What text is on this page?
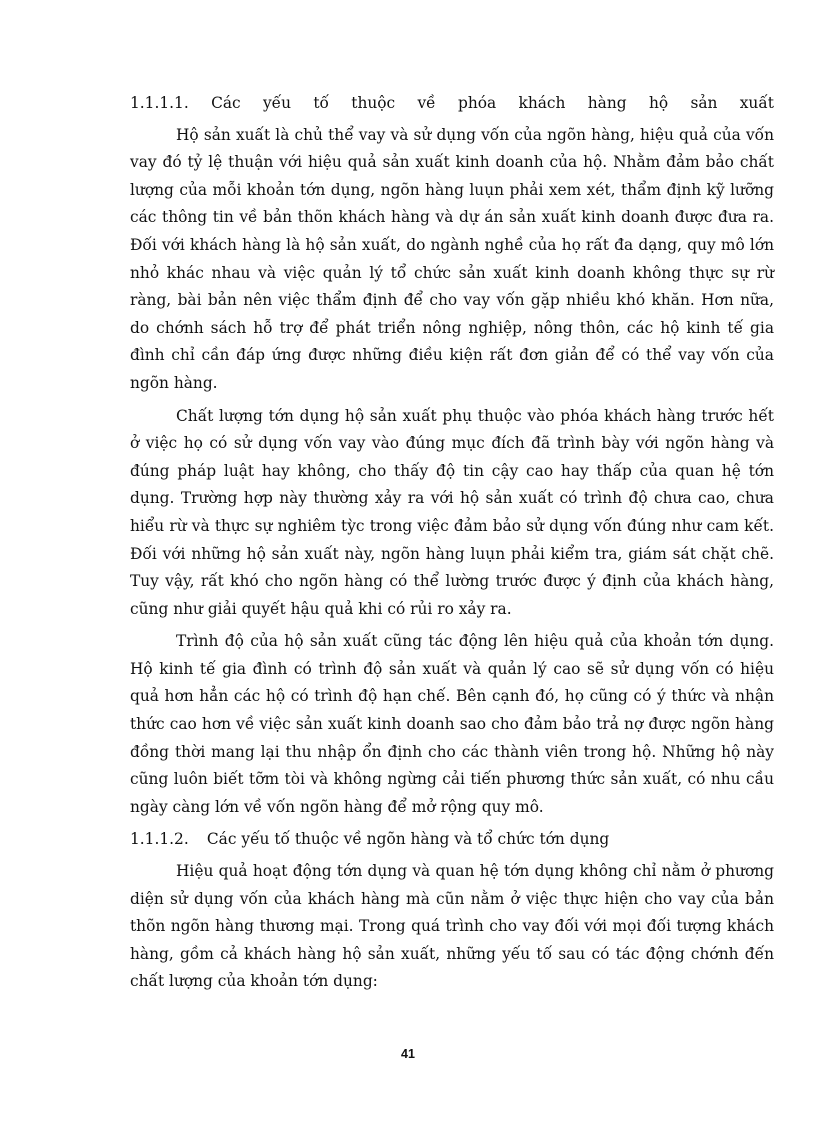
1.1.1.1. Các yếu tố thuộc về phóa khách hàng hộ sản xuất

Hộ sản xuất là chủ thể vay và sử dụng vốn của ngõn hàng, hiệu quả của vốn vay đó tỷ lệ thuận với hiệu quả sản xuất kinh doanh của hộ. Nhằm đảm bảo chất lượng của mỗi khoản tớn dụng, ngõn hàng luụn phải xem xét, thẩm định kỹ lưỡng các thông tin về bản thõn khách hàng và dự án sản xuất kinh doanh được đưa ra. Đối với khách hàng là hộ sản xuất, do ngành nghề của họ rất đa dạng, quy mô lớn nhỏ khác nhau và việc quản lý tổ chức sản xuất kinh doanh không thực sự rừ ràng, bài bản nên việc thẩm định để cho vay vốn gặp nhiều khó khăn. Hơn nữa, do chớnh sách hỗ trợ để phát triển nông nghiệp, nông thôn, các hộ kinh tế gia đình chỉ cần đáp ứng được những điều kiện rất đơn giản để có thể vay vốn của ngõn hàng.

Chất lượng tớn dụng hộ sản xuất phụ thuộc vào phóa khách hàng trước hết ở việc họ có sử dụng vốn vay vào đúng mục đích đã trình bày với ngõn hàng và đúng pháp luật hay không, cho thấy độ tin cậy cao hay thấp của quan hệ tớn dụng. Trường hợp này thường xảy ra với hộ sản xuất có trình độ chưa cao, chưa hiểu rừ và thực sự nghiêm tỳc trong việc đảm bảo sử dụng vốn đúng như cam kết. Đối với những hộ sản xuất này, ngõn hàng luụn phải kiểm tra, giám sát chặt chẽ. Tuy vậy, rất khó cho ngõn hàng có thể lường trước được ý định của khách hàng, cũng như giải quyết hậu quả khi có rủi ro xảy ra.

Trình độ của hộ sản xuất cũng tác động lên hiệu quả của khoản tớn dụng. Hộ kinh tế gia đình có trình độ sản xuất và quản lý cao sẽ sử dụng vốn có hiệu quả hơn hẳn các hộ có trình độ hạn chế. Bên cạnh đó, họ cũng có ý thức và nhận thức cao hơn về việc sản xuất kinh doanh sao cho đảm bảo trả nợ được ngõn hàng đồng thời mang lại thu nhập ổn định cho các thành viên trong hộ. Những hộ này cũng luôn biết tỡm tòi và không ngừng cải tiến phương thức sản xuất, có nhu cầu ngày càng lớn về vốn ngõn hàng để mở rộng quy mô.

1.1.1.2. Các yếu tố thuộc về ngõn hàng và tổ chức tớn dụng

Hiệu quả hoạt động tớn dụng và quan hệ tớn dụng không chỉ nằm ở phương diện sử dụng vốn của khách hàng mà cũn nằm ở việc thực hiện cho vay của bản thõn ngõn hàng thương mại. Trong quá trình cho vay đối với mọi đối tượng khách hàng, gồm cả khách hàng hộ sản xuất, những yếu tố sau có tác động chớnh đến chất lượng của khoản tớn dụng:

41
